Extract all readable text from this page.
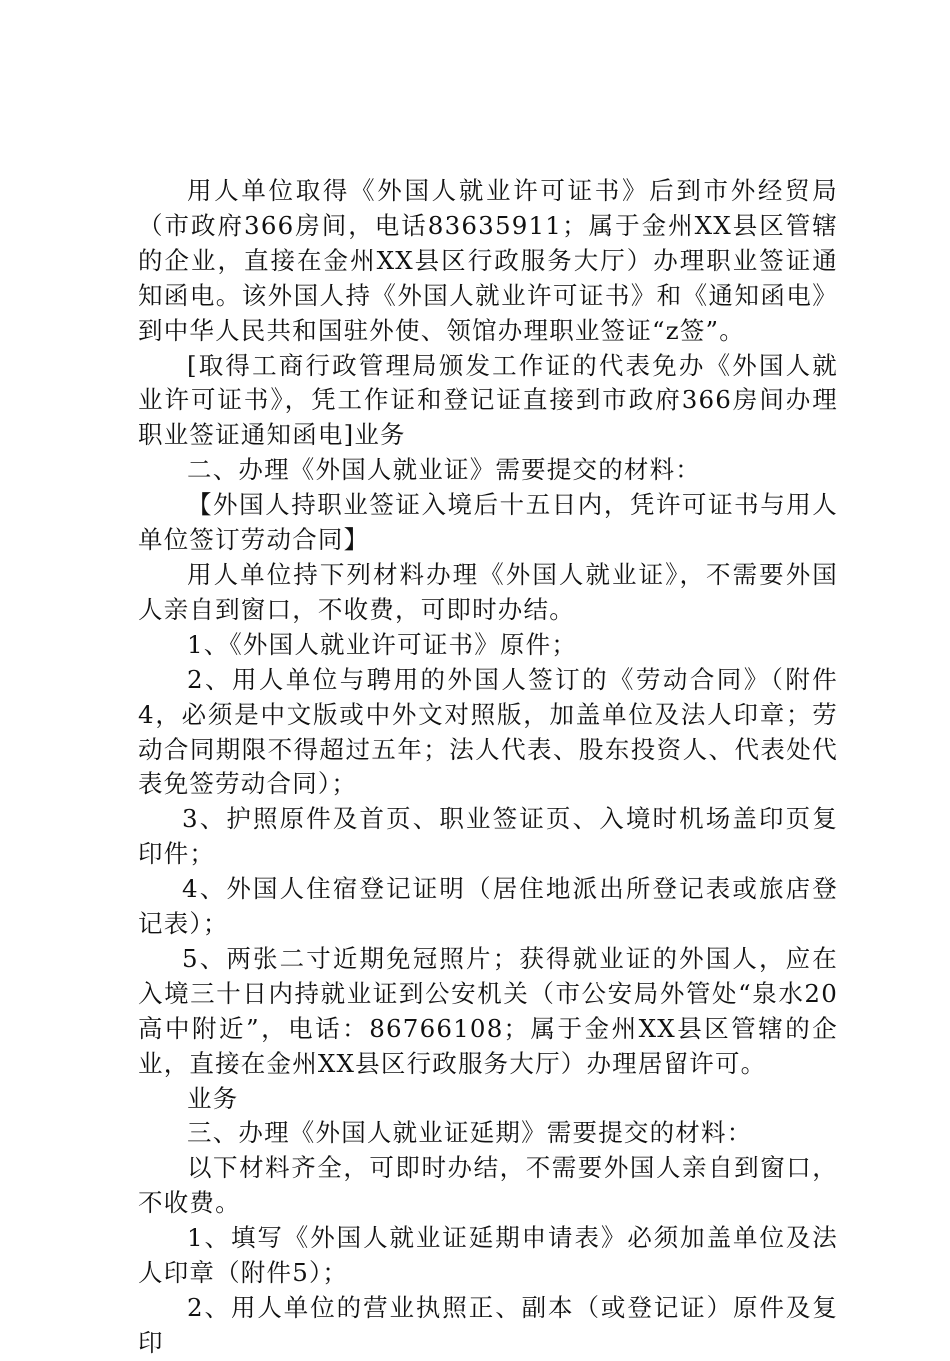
用人单位取得《外国人就业许可证书》后到市外经贸局（市政府366房间，电话83635911；属于金州XX县区管辖的企业，直接在金州XX县区行政服务大厅）办理职业签证通知函电。该外国人持《外国人就业许可证书》和《通知函电》到中华人民共和国驻外使、领馆办理职业签证“z签”。

[取得工商行政管理局颁发工作证的代表免办《外国人就业许可证书》，凭工作证和登记证直接到市政府366房间办理职业签证通知函电]业务

二、办理《外国人就业证》需要提交的材料：

【外国人持职业签证入境后十五日内，凭许可证书与用人单位签订劳动合同】

用人单位持下列材料办理《外国人就业证》，不需要外国人亲自到窗口，不收费，可即时办结。

1、《外国人就业许可证书》原件；

2、用人单位与聘用的外国人签订的《劳动合同》（附件4，必须是中文版或中外文对照版，加盖单位及法人印章；劳动合同期限不得超过五年；法人代表、股东投资人、代表处代表免签劳动合同）；

3、护照原件及首页、职业签证页、入境时机场盖印页复印件；

4、外国人住宿登记证明（居住地派出所登记表或旅店登记表）；

5、两张二寸近期免冠照片；获得就业证的外国人，应在入境三十日内持就业证到公安机关（市公安局外管处“泉水20高中附近”，电话：86766108；属于金州XX县区管辖的企业，直接在金州XX县区行政服务大厅）办理居留许可。

业务

三、办理《外国人就业证延期》需要提交的材料：

以下材料齐全，可即时办结，不需要外国人亲自到窗口，不收费。

1、填写《外国人就业证延期申请表》必须加盖单位及法人印章（附件5）；

2、用人单位的营业执照正、副本（或登记证）原件及复印
